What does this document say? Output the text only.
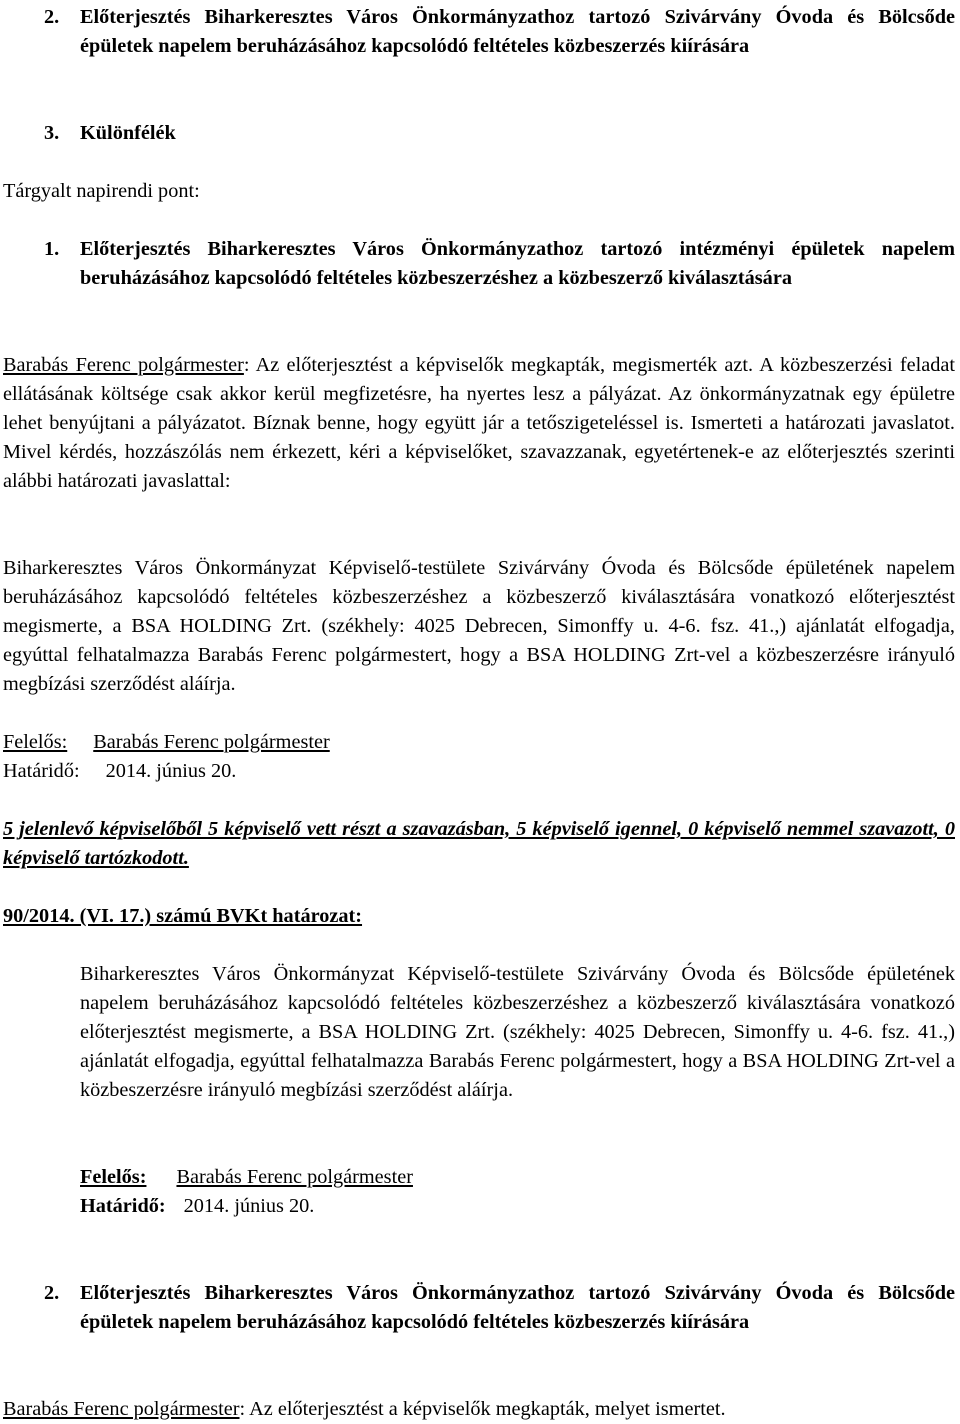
2.	Előterjesztés Biharkeresztes Város Önkormányzathoz tartozó Szivárvány Óvoda és Bölcsőde épületek napelem beruházásához kapcsolódó feltételes közbeszerzés kiírására
3.	Különfélék
Tárgyalt napirendi pont:
1.	Előterjesztés Biharkeresztes Város Önkormányzathoz tartozó intézményi épületek napelem beruházásához kapcsolódó feltételes közbeszerzéshez a közbeszerző kiválasztására
Barabás Ferenc polgármester: Az előterjesztést a képviselők megkapták, megismerték azt. A közbeszerzési feladat ellátásának költsége csak akkor kerül megfizetésre, ha nyertes lesz a pályázat. Az önkormányzatnak egy épületre lehet benyújtani a pályázatot. Bíznak benne, hogy együtt jár a tetőszigeteléssel is. Ismerteti a határozati javaslatot. Mivel kérdés, hozzászólás nem érkezett, kéri a képviselőket, szavazzanak, egyetértenek-e az előterjesztés szerinti alábbi határozati javaslattal:
Biharkeresztes Város Önkormányzat Képviselő-testülete Szivárvány Óvoda és Bölcsőde épületének napelem beruházásához kapcsolódó feltételes közbeszerzéshez a közbeszerző kiválasztására vonatkozó előterjesztést megismerte, a BSA HOLDING Zrt. (székhely: 4025 Debrecen, Simonffy u. 4-6. fsz. 41.,) ajánlatát elfogadja, egyúttal felhatalmazza Barabás Ferenc polgármestert, hogy a BSA HOLDING Zrt-vel a közbeszerzésre irányuló megbízási szerződést aláírja.
Felelős: Barabás Ferenc polgármester
Határidő: 2014. június 20.
5 jelenlevő képviselőből 5 képviselő vett részt a szavazásban, 5 képviselő igennel, 0 képviselő nemmel szavazott, 0 képviselő tartózkodott.
90/2014. (VI. 17.) számú BVKt határozat:
Biharkeresztes Város Önkormányzat Képviselő-testülete Szivárvány Óvoda és Bölcsőde épületének napelem beruházásához kapcsolódó feltételes közbeszerzéshez a közbeszerző kiválasztására vonatkozó előterjesztést megismerte, a BSA HOLDING Zrt. (székhely: 4025 Debrecen, Simonffy u. 4-6. fsz. 41.,) ajánlatát elfogadja, egyúttal felhatalmazza Barabás Ferenc polgármestert, hogy a BSA HOLDING Zrt-vel a közbeszerzésre irányuló megbízási szerződést aláírja.
Felelős: Barabás Ferenc polgármester
Határidő: 2014. június 20.
2.	Előterjesztés Biharkeresztes Város Önkormányzathoz tartozó Szivárvány Óvoda és Bölcsőde épületek napelem beruházásához kapcsolódó feltételes közbeszerzés kiírására
Barabás Ferenc polgármester: Az előterjesztést a képviselők megkapták, melyet ismertet.
